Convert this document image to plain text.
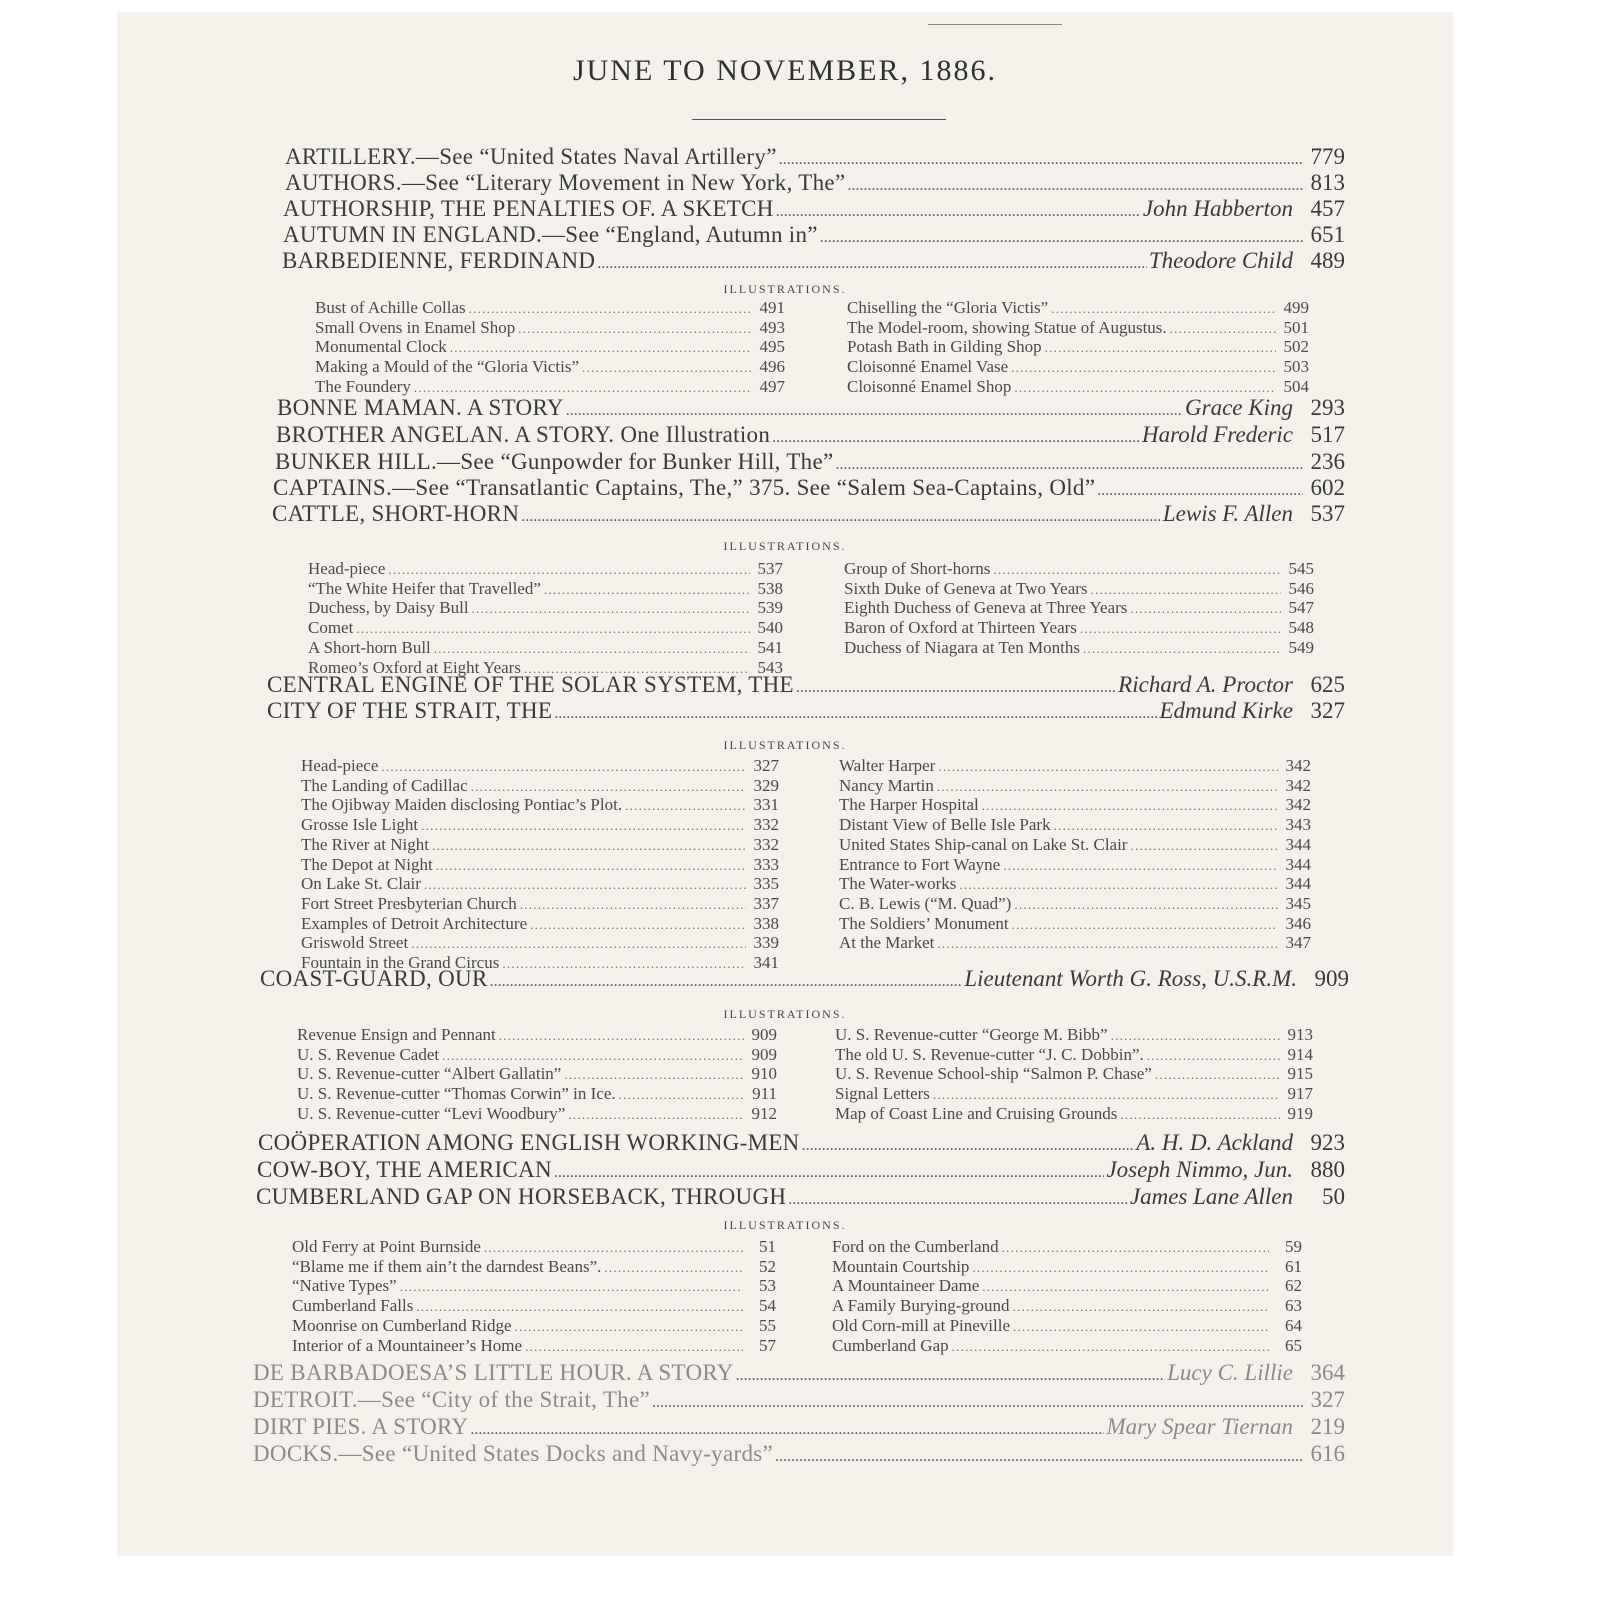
JUNE TO NOVEMBER, 1886.
ARTILLERY.—See “United States Naval Artillery” . . .	779
AUTHORS.—See “Literary Movement in New York, The” . . .	813
AUTHORSHIP, THE PENALTIES OF. A SKETCH . . .	John Habberton 457
AUTUMN IN ENGLAND.—See “England, Autumn in” . . .	651
BARBEDIENNE, FERDINAND . . .	Theodore Child 489
ILLUSTRATIONS.
Bust of Achille Collas . . .	491
Small Ovens in Enamel Shop . . .	493
Monumental Clock . . .	495
Making a Mould of the “Gloria Victis” . . .	496
The Foundery . . .	497
Chiselling the “Gloria Victis” . . .	499
The Model-room, showing Statue of Augustus. . . .	501
Potash Bath in Gilding Shop . . .	502
Cloisonné Enamel Vase . . .	503
Cloisonné Enamel Shop . . .	504
BONNE MAMAN. A STORY . . .	Grace King 293
BROTHER ANGELAN. A STORY. One Illustration . . .	Harold Frederic 517
BUNKER HILL.—See “Gunpowder for Bunker Hill, The” . . .	236
CAPTAINS.—See “Transatlantic Captains, The,” 375. See “Salem Sea-Captains, Old” . . .	602
CATTLE, SHORT-HORN . . .	Lewis F. Allen 537
ILLUSTRATIONS.
Head-piece . . .	537
“The White Heifer that Travelled” . . .	538
Duchess, by Daisy Bull . . .	539
Comet . . .	540
A Short-horn Bull . . .	541
Romeo’s Oxford at Eight Years . . .	543
Group of Short-horns . . .	545
Sixth Duke of Geneva at Two Years . . .	546
Eighth Duchess of Geneva at Three Years . . .	547
Baron of Oxford at Thirteen Years . . .	548
Duchess of Niagara at Ten Months . . .	549
CENTRAL ENGINE OF THE SOLAR SYSTEM, THE . . .	Richard A. Proctor 625
CITY OF THE STRAIT, THE . . .	Edmund Kirke 327
ILLUSTRATIONS.
Head-piece . . .	327
The Landing of Cadillac . . .	329
The Ojibway Maiden disclosing Pontiac’s Plot. . . .	331
Grosse Isle Light . . .	332
The River at Night . . .	332
The Depot at Night . . .	333
On Lake St. Clair . . .	335
Fort Street Presbyterian Church . . .	337
Examples of Detroit Architecture . . .	338
Griswold Street . . .	339
Fountain in the Grand Circus . . .	341
Walter Harper . . .	342
Nancy Martin . . .	342
The Harper Hospital . . .	342
Distant View of Belle Isle Park . . .	343
United States Ship-canal on Lake St. Clair . . .	344
Entrance to Fort Wayne . . .	344
The Water-works . . .	344
C. B. Lewis (“M. Quad”) . . .	345
The Soldiers’ Monument . . .	346
At the Market . . .	347
COAST-GUARD, OUR . . .	Lieutenant Worth G. Ross, U.S.R.M. 909
ILLUSTRATIONS.
Revenue Ensign and Pennant . . .	909
U. S. Revenue Cadet . . .	909
U. S. Revenue-cutter “Albert Gallatin” . . .	910
U. S. Revenue-cutter “Thomas Corwin” in Ice. . . .	911
U. S. Revenue-cutter “Levi Woodbury” . . .	912
U. S. Revenue-cutter “George M. Bibb” . . .	913
The old U. S. Revenue-cutter “J. C. Dobbin”. . . .	914
U. S. Revenue School-ship “Salmon P. Chase” . . .	915
Signal Letters . . .	917
Map of Coast Line and Cruising Grounds . . .	919
COÖPERATION AMONG ENGLISH WORKING-MEN . . .	A. H. D. Ackland 923
COW-BOY, THE AMERICAN . . .	Joseph Nimmo, Jun. 880
CUMBERLAND GAP ON HORSEBACK, THROUGH . . .	James Lane Allen	50
ILLUSTRATIONS.
Old Ferry at Point Burnside . . .	51
“Blame me if them ain’t the darndest Beans”. . . .	52
“Native Types” . . .	53
Cumberland Falls . . .	54
Moonrise on Cumberland Ridge . . .	55
Interior of a Mountaineer’s Home . . .	57
Ford on the Cumberland . . .	59
Mountain Courtship . . .	61
A Mountaineer Dame . . .	62
A Family Burying-ground . . .	63
Old Corn-mill at Pineville . . .	64
Cumberland Gap . . .	65
DE BARBADOESA’S LITTLE HOUR. A STORY . . .	Lucy C. Lillie 364
DETROIT.—See “City of the Strait, The” . . .	327
DIRT PIES. A STORY . . .	Mary Spear Tiernan 219
DOCKS.—See “United States Docks and Navy-yards” . . .	616
